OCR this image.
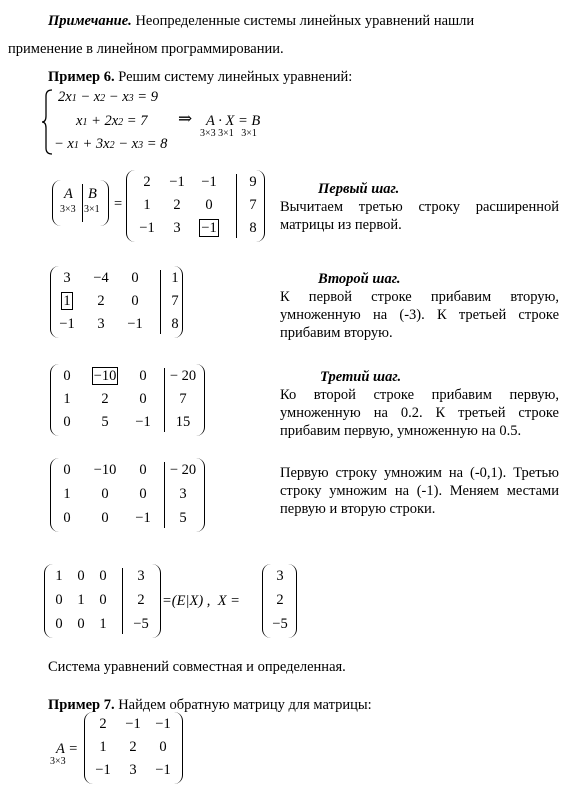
Примечание. Неопределенные системы линейных уравнений нашли
применение в линейном программировании.
Пример 6. Решим систему линейных уравнений:
2x1 − x2 − x3 = 9
x1 + 2x2 = 7
− x1 + 3x2 − x3 = 8
⇒ A · X = B
3×3 3×1   3×1
A
3×3
B
3×1 =
2	−1	−1	9
1	2	0	7
−1	3	−1	8
Первый шаг.
Вычитаем третью строку расширенной матрицы из первой.
3	−4	0	1
1	2	0	7
−1	3	−1	8
Второй шаг.
К первой строке прибавим вторую, умноженную на (-3). К третьей строке прибавим вторую.
0	−10	0	− 20
1	2	0	7
0	5	−1	15
Третий шаг.
Ко второй строке прибавим первую, умноженную на 0.2. К третьей строке прибавим первую, умноженную на 0.5.
0	−10	0	− 20
1	0	0	3
0	0	−1	5
Первую строку умножим на (-0,1). Третью строку умножим на (-1). Меняем местами первую и вторую строки.
1	0	0	3
0	1	0	2
0	0	1	−5
=(E|X) ,  X =
3
2
−5
Система уравнений совместная и определенная.
Пример 7. Найдем обратную матрицу для матрицы:
A =
3×3
2	−1	−1
1	2	0
−1	3	−1
